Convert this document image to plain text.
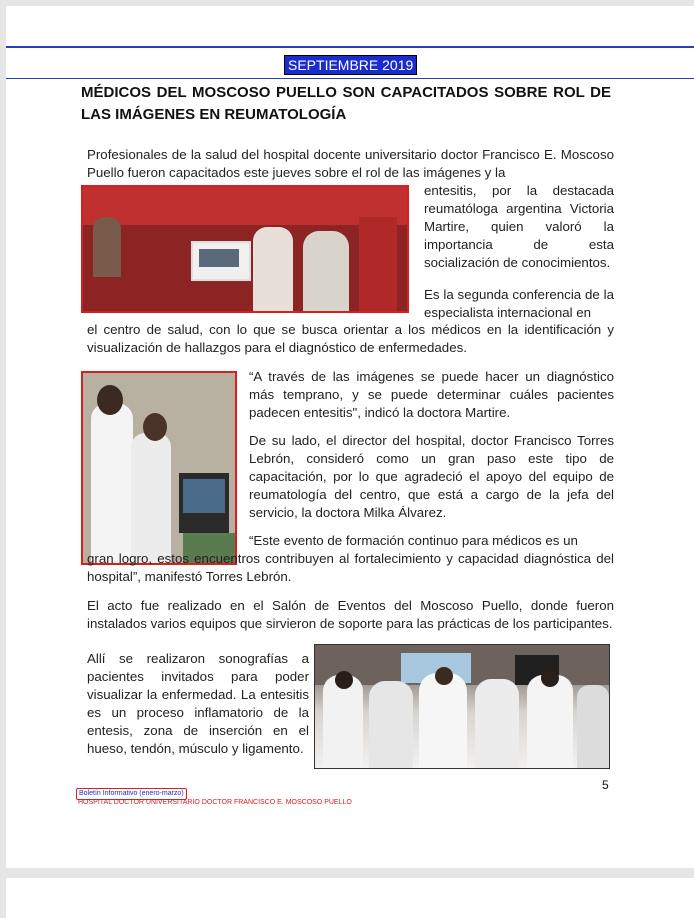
SEPTIEMBRE 2019
MÉDICOS DEL MOSCOSO PUELLO SON CAPACITADOS SOBRE ROL DE LAS IMÁGENES EN REUMATOLOGÍA

Profesionales de la salud del hospital docente universitario doctor Francisco E. Moscoso Puello fueron capacitados este jueves sobre el rol de las imágenes y la

entesitis, por la destacada reumatóloga argentina Victoria Martire, quien valoró la importancia de esta socialización de conocimientos.

Es la segunda conferencia de la especialista internacional en

el centro de salud, con lo que se busca orientar a los médicos en la identificación y visualización de hallazgos para el diagnóstico de enfermedades.

“A través de las imágenes se puede hacer un diagnóstico más temprano, y se puede determinar cuáles pacientes padecen entesitis", indicó la doctora Martire.

De su lado, el director del hospital, doctor Francisco Torres Lebrón, consideró como un gran paso este tipo de capacitación, por lo que agradeció el apoyo del equipo de reumatología del centro, que está a cargo de la jefa del servicio, la doctora Milka Álvarez.

“Este evento de formación continuo para médicos es un

gran logro, estos encuentros contribuyen al fortalecimiento y capacidad diagnóstica del hospital”, manifestó Torres Lebrón.

El acto fue realizado en el Salón de Eventos del Moscoso Puello, donde fueron instalados varios equipos que sirvieron de soporte para las prácticas de los participantes.

Allí se realizaron sonografías a pacientes invitados para poder visualizar la enfermedad. La entesitis es un proceso inflamatorio de la entesis, zona de inserción en el hueso, tendón, músculo y ligamento.

5
Boletín Informativo (enero-marzo)
HOSPITAL DOCTOR UNIVERSITARIO DOCTOR FRANCISCO E. MOSCOSO PUELLO
